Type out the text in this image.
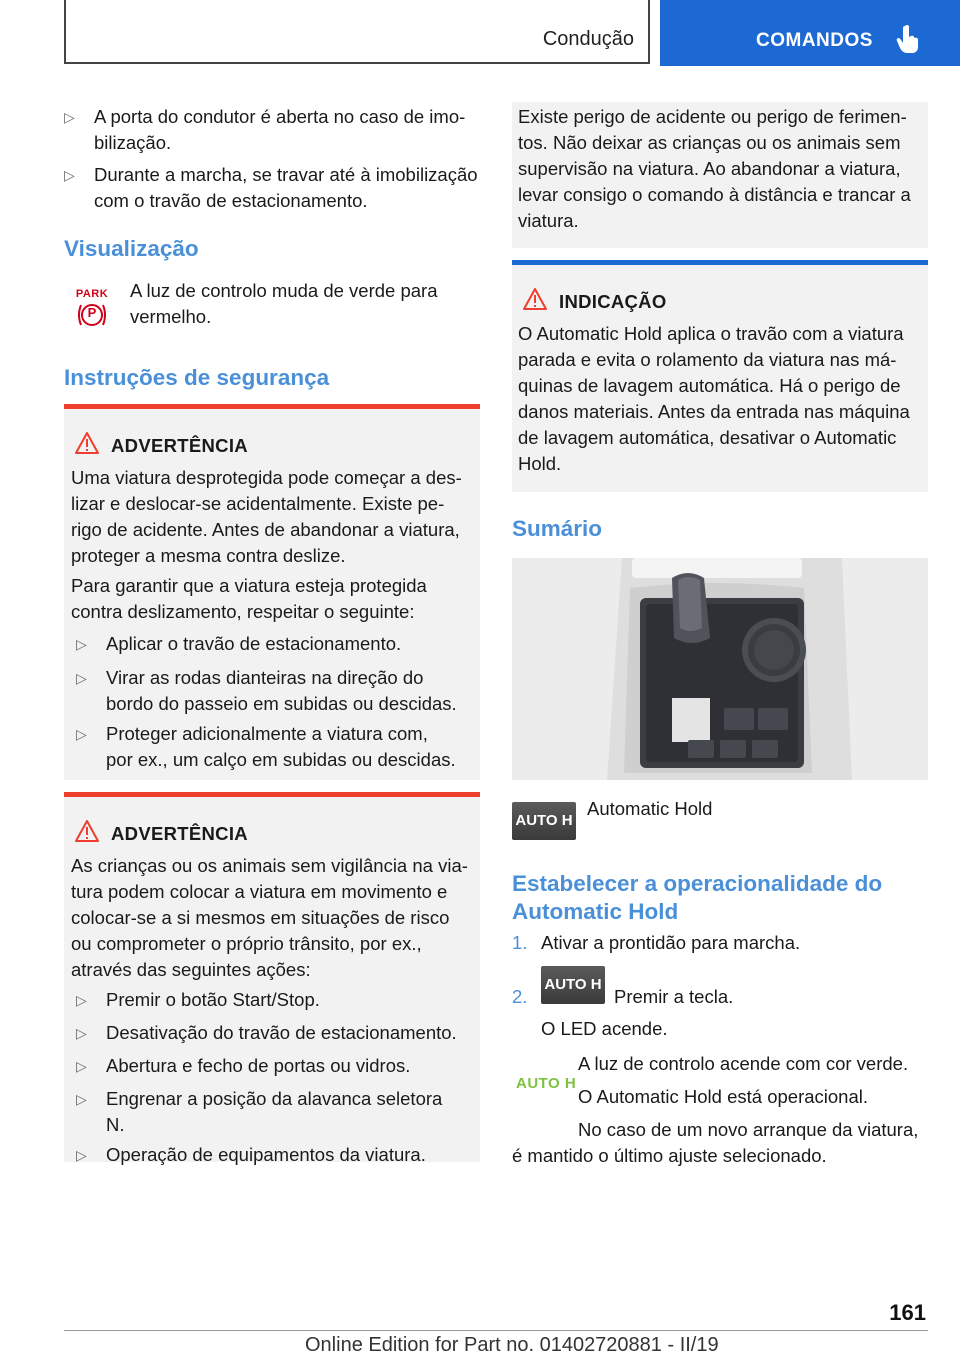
Condução	COMANDOS
▷ A porta do condutor é aberta no caso de imo-
bilização.
▷ Durante a marcha, se travar até à imobilização
com o travão de estacionamento.
Visualização
PARK
P
A luz de controlo muda de verde para
vermelho.
Instruções de segurança
ADVERTÊNCIA
Uma viatura desprotegida pode começar a des-
lizar e deslocar-se acidentalmente. Existe pe-
rigo de acidente. Antes de abandonar a viatura,
proteger a mesma contra deslize.
Para garantir que a viatura esteja protegida
contra deslizamento, respeitar o seguinte:
▷ Aplicar o travão de estacionamento.
▷ Virar as rodas dianteiras na direção do
bordo do passeio em subidas ou descidas.
▷ Proteger adicionalmente a viatura com,
por ex., um calço em subidas ou descidas.
ADVERTÊNCIA
As crianças ou os animais sem vigilância na via-
tura podem colocar a viatura em movimento e
colocar-se a si mesmos em situações de risco
ou comprometer o próprio trânsito, por ex.,
através das seguintes ações:
▷ Premir o botão Start/Stop.
▷ Desativação do travão de estacionamento.
▷ Abertura e fecho de portas ou vidros.
▷ Engrenar a posição da alavanca seletora
N.
▷ Operação de equipamentos da viatura.
Existe perigo de acidente ou perigo de ferimen-
tos. Não deixar as crianças ou os animais sem
supervisão na viatura. Ao abandonar a viatura,
levar consigo o comando à distância e trancar a
viatura.
INDICAÇÃO
O Automatic Hold aplica o travão com a viatura
parada e evita o rolamento da viatura nas má-
quinas de lavagem automática. Há o perigo de
danos materiais. Antes da entrada nas máquina
de lavagem automática, desativar o Automatic
Hold.
Sumário
AUTO H
Automatic Hold
Estabelecer a operacionalidade do
Automatic Hold
1. Ativar a prontidão para marcha.
2.
AUTO H
Premir a tecla.
O LED acende.
AUTO H
A luz de controlo acende com cor verde.
O Automatic Hold está operacional.
No caso de um novo arranque da viatura,
é mantido o último ajuste selecionado.
161
Online Edition for Part no. 01402720881 - II/19
